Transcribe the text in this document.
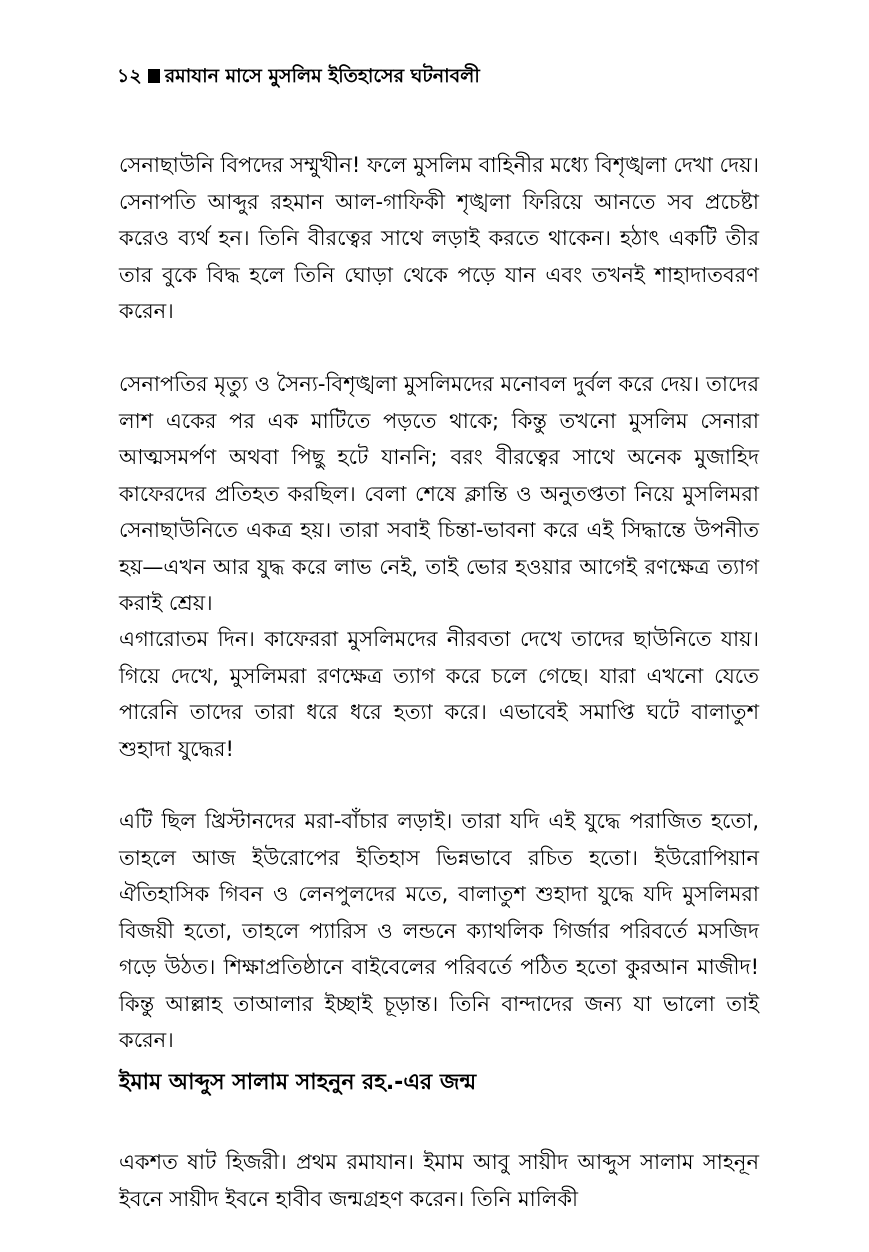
১২ রমাযান মাসে মুসলিম ইতিহাসের ঘটনাবলী

সেনাছাউনি বিপদের সম্মুখীন! ফলে মুসলিম বাহিনীর মধ্যে বিশৃঙ্খলা দেখা দেয়। সেনাপতি আব্দুর রহমান আল-গাফিকী শৃঙ্খলা ফিরিয়ে আনতে সব প্রচেষ্টা করেও ব্যর্থ হন। তিনি বীরত্বের সাথে লড়াই করতে থাকেন। হঠাৎ একটি তীর তার বুকে বিদ্ধ হলে তিনি ঘোড়া থেকে পড়ে যান এবং তখনই শাহাদাতবরণ করেন।

সেনাপতির মৃত্যু ও সৈন্য-বিশৃঙ্খলা মুসলিমদের মনোবল দুর্বল করে দেয়। তাদের লাশ একের পর এক মাটিতে পড়তে থাকে; কিন্তু তখনো মুসলিম সেনারা আত্মসমর্পণ অথবা পিছু হটে যাননি; বরং বীরত্বের সাথে অনেক মুজাহিদ কাফেরদের প্রতিহত করছিল। বেলা শেষে ক্লান্তি ও অনুতপ্ততা নিয়ে মুসলিমরা সেনাছাউনিতে একত্র হয়। তারা সবাই চিন্তা-ভাবনা করে এই সিদ্ধান্তে উপনীত হয়—এখন আর যুদ্ধ করে লাভ নেই, তাই ভোর হওয়ার আগেই রণক্ষেত্র ত্যাগ করাই শ্রেয়।

এগারোতম দিন। কাফেররা মুসলিমদের নীরবতা দেখে তাদের ছাউনিতে যায়। গিয়ে দেখে, মুসলিমরা রণক্ষেত্র ত্যাগ করে চলে গেছে। যারা এখনো যেতে পারেনি তাদের তারা ধরে ধরে হত্যা করে। এভাবেই সমাপ্তি ঘটে বালাতুশ শুহাদা যুদ্ধের!

এটি ছিল খ্রিস্টানদের মরা-বাঁচার লড়াই। তারা যদি এই যুদ্ধে পরাজিত হতো, তাহলে আজ ইউরোপের ইতিহাস ভিন্নভাবে রচিত হতো। ইউরোপিয়ান ঐতিহাসিক গিবন ও লেনপুলদের মতে, বালাতুশ শুহাদা যুদ্ধে যদি মুসলিমরা বিজয়ী হতো, তাহলে প্যারিস ও লন্ডনে ক্যাথলিক গির্জার পরিবর্তে মসজিদ গড়ে উঠত। শিক্ষাপ্রতিষ্ঠানে বাইবেলের পরিবর্তে পঠিত হতো কুরআন মাজীদ! কিন্তু আল্লাহ তাআলার ইচ্ছাই চূড়ান্ত। তিনি বান্দাদের জন্য যা ভালো তাই করেন।

ইমাম আব্দুস সালাম সাহনুন রহ.-এর জন্ম

একশত ষাট হিজরী। প্রথম রমাযান। ইমাম আবু সায়ীদ আব্দুস সালাম সাহনূন ইবনে সায়ীদ ইবনে হাবীব জন্মগ্রহণ করেন। তিনি মালিকী
